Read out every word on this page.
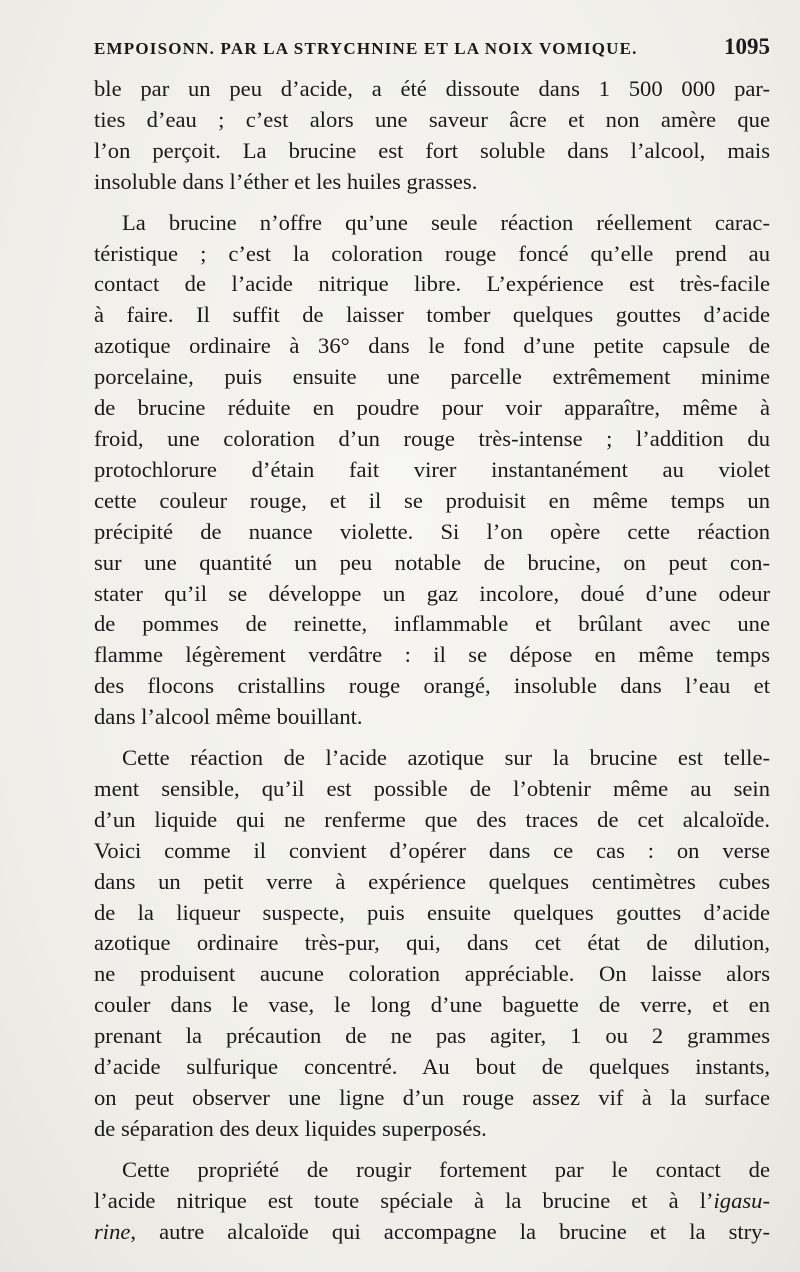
EMPOISONN. PAR LA STRYCHNINE ET LA NOIX VOMIQUE.	1095
ble par un peu d’acide, a été dissoute dans 1 500 000 par-
ties d’eau ; c’est alors une saveur âcre et non amère que
l’on perçoit. La brucine est fort soluble dans l’alcool, mais
insoluble dans l’éther et les huiles grasses.
La brucine n’offre qu’une seule réaction réellement carac-
téristique ; c’est la coloration rouge foncé qu’elle prend au
contact de l’acide nitrique libre. L’expérience est très-facile
à faire. Il suffit de laisser tomber quelques gouttes d’acide
azotique ordinaire à 36° dans le fond d’une petite capsule de
porcelaine, puis ensuite une parcelle extrêmement minime
de brucine réduite en poudre pour voir apparaître, même à
froid, une coloration d’un rouge très-intense ; l’addition du
protochlorure d’étain fait virer instantanément au violet
cette couleur rouge, et il se produisit en même temps un
précipité de nuance violette. Si l’on opère cette réaction
sur une quantité un peu notable de brucine, on peut con-
stater qu’il se développe un gaz incolore, doué d’une odeur
de pommes de reinette, inflammable et brûlant avec une
flamme légèrement verdâtre : il se dépose en même temps
des flocons cristallins rouge orangé, insoluble dans l’eau et
dans l’alcool même bouillant.
Cette réaction de l’acide azotique sur la brucine est telle-
ment sensible, qu’il est possible de l’obtenir même au sein
d’un liquide qui ne renferme que des traces de cet alcaloïde.
Voici comme il convient d’opérer dans ce cas : on verse
dans un petit verre à expérience quelques centimètres cubes
de la liqueur suspecte, puis ensuite quelques gouttes d’acide
azotique ordinaire très-pur, qui, dans cet état de dilution,
ne produisent aucune coloration appréciable. On laisse alors
couler dans le vase, le long d’une baguette de verre, et en
prenant la précaution de ne pas agiter, 1 ou 2 grammes
d’acide sulfurique concentré. Au bout de quelques instants,
on peut observer une ligne d’un rouge assez vif à la surface
de séparation des deux liquides superposés.
Cette propriété de rougir fortement par le contact de
l’acide nitrique est toute spéciale à la brucine et à l’igasu-
rine, autre alcaloïde qui accompagne la brucine et la stry-
